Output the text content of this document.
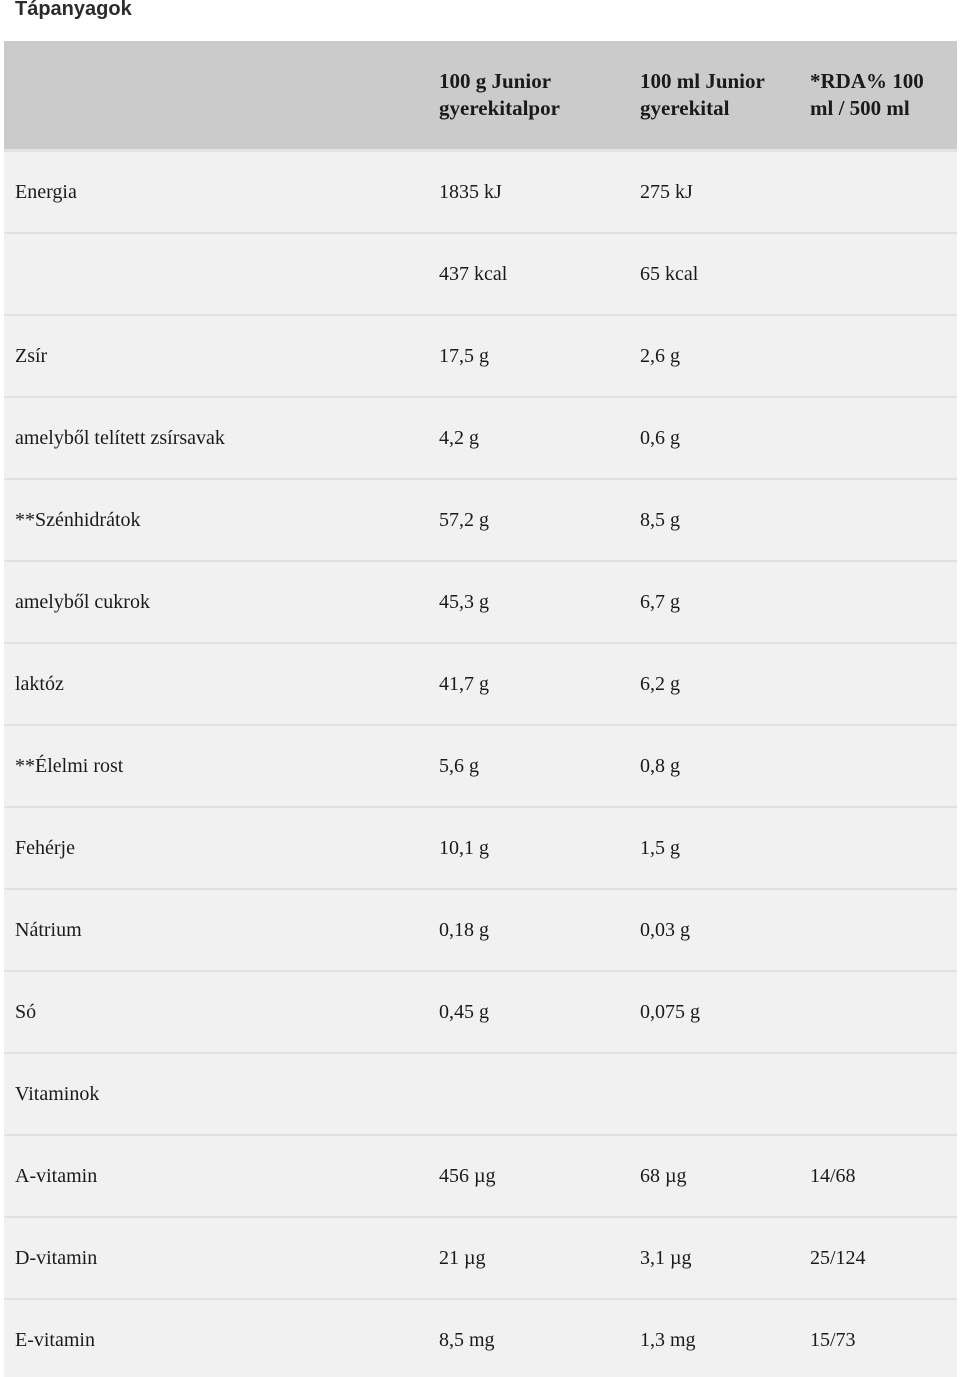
Tápanyagok
	100 g Junior gyerekitalpor	100 ml Junior gyerekital	*RDA% 100 ml / 500 ml
Energia	1835 kJ	275 kJ	
	437 kcal	65 kcal	
Zsír	17,5 g	2,6 g	
amelyből telített zsírsavak	4,2 g	0,6 g	
**Szénhidrátok	57,2 g	8,5 g	
amelyből cukrok	45,3 g	6,7 g	
laktóz	41,7 g	6,2 g	
**Élelmi rost	5,6 g	0,8 g	
Fehérje	10,1 g	1,5 g	
Nátrium	0,18 g	0,03 g	
Só	0,45 g	0,075 g	
Vitaminok			
A-vitamin	456 µg	68 µg	14/68
D-vitamin	21 µg	3,1 µg	25/124
E-vitamin	8,5 mg	1,3 mg	15/73
